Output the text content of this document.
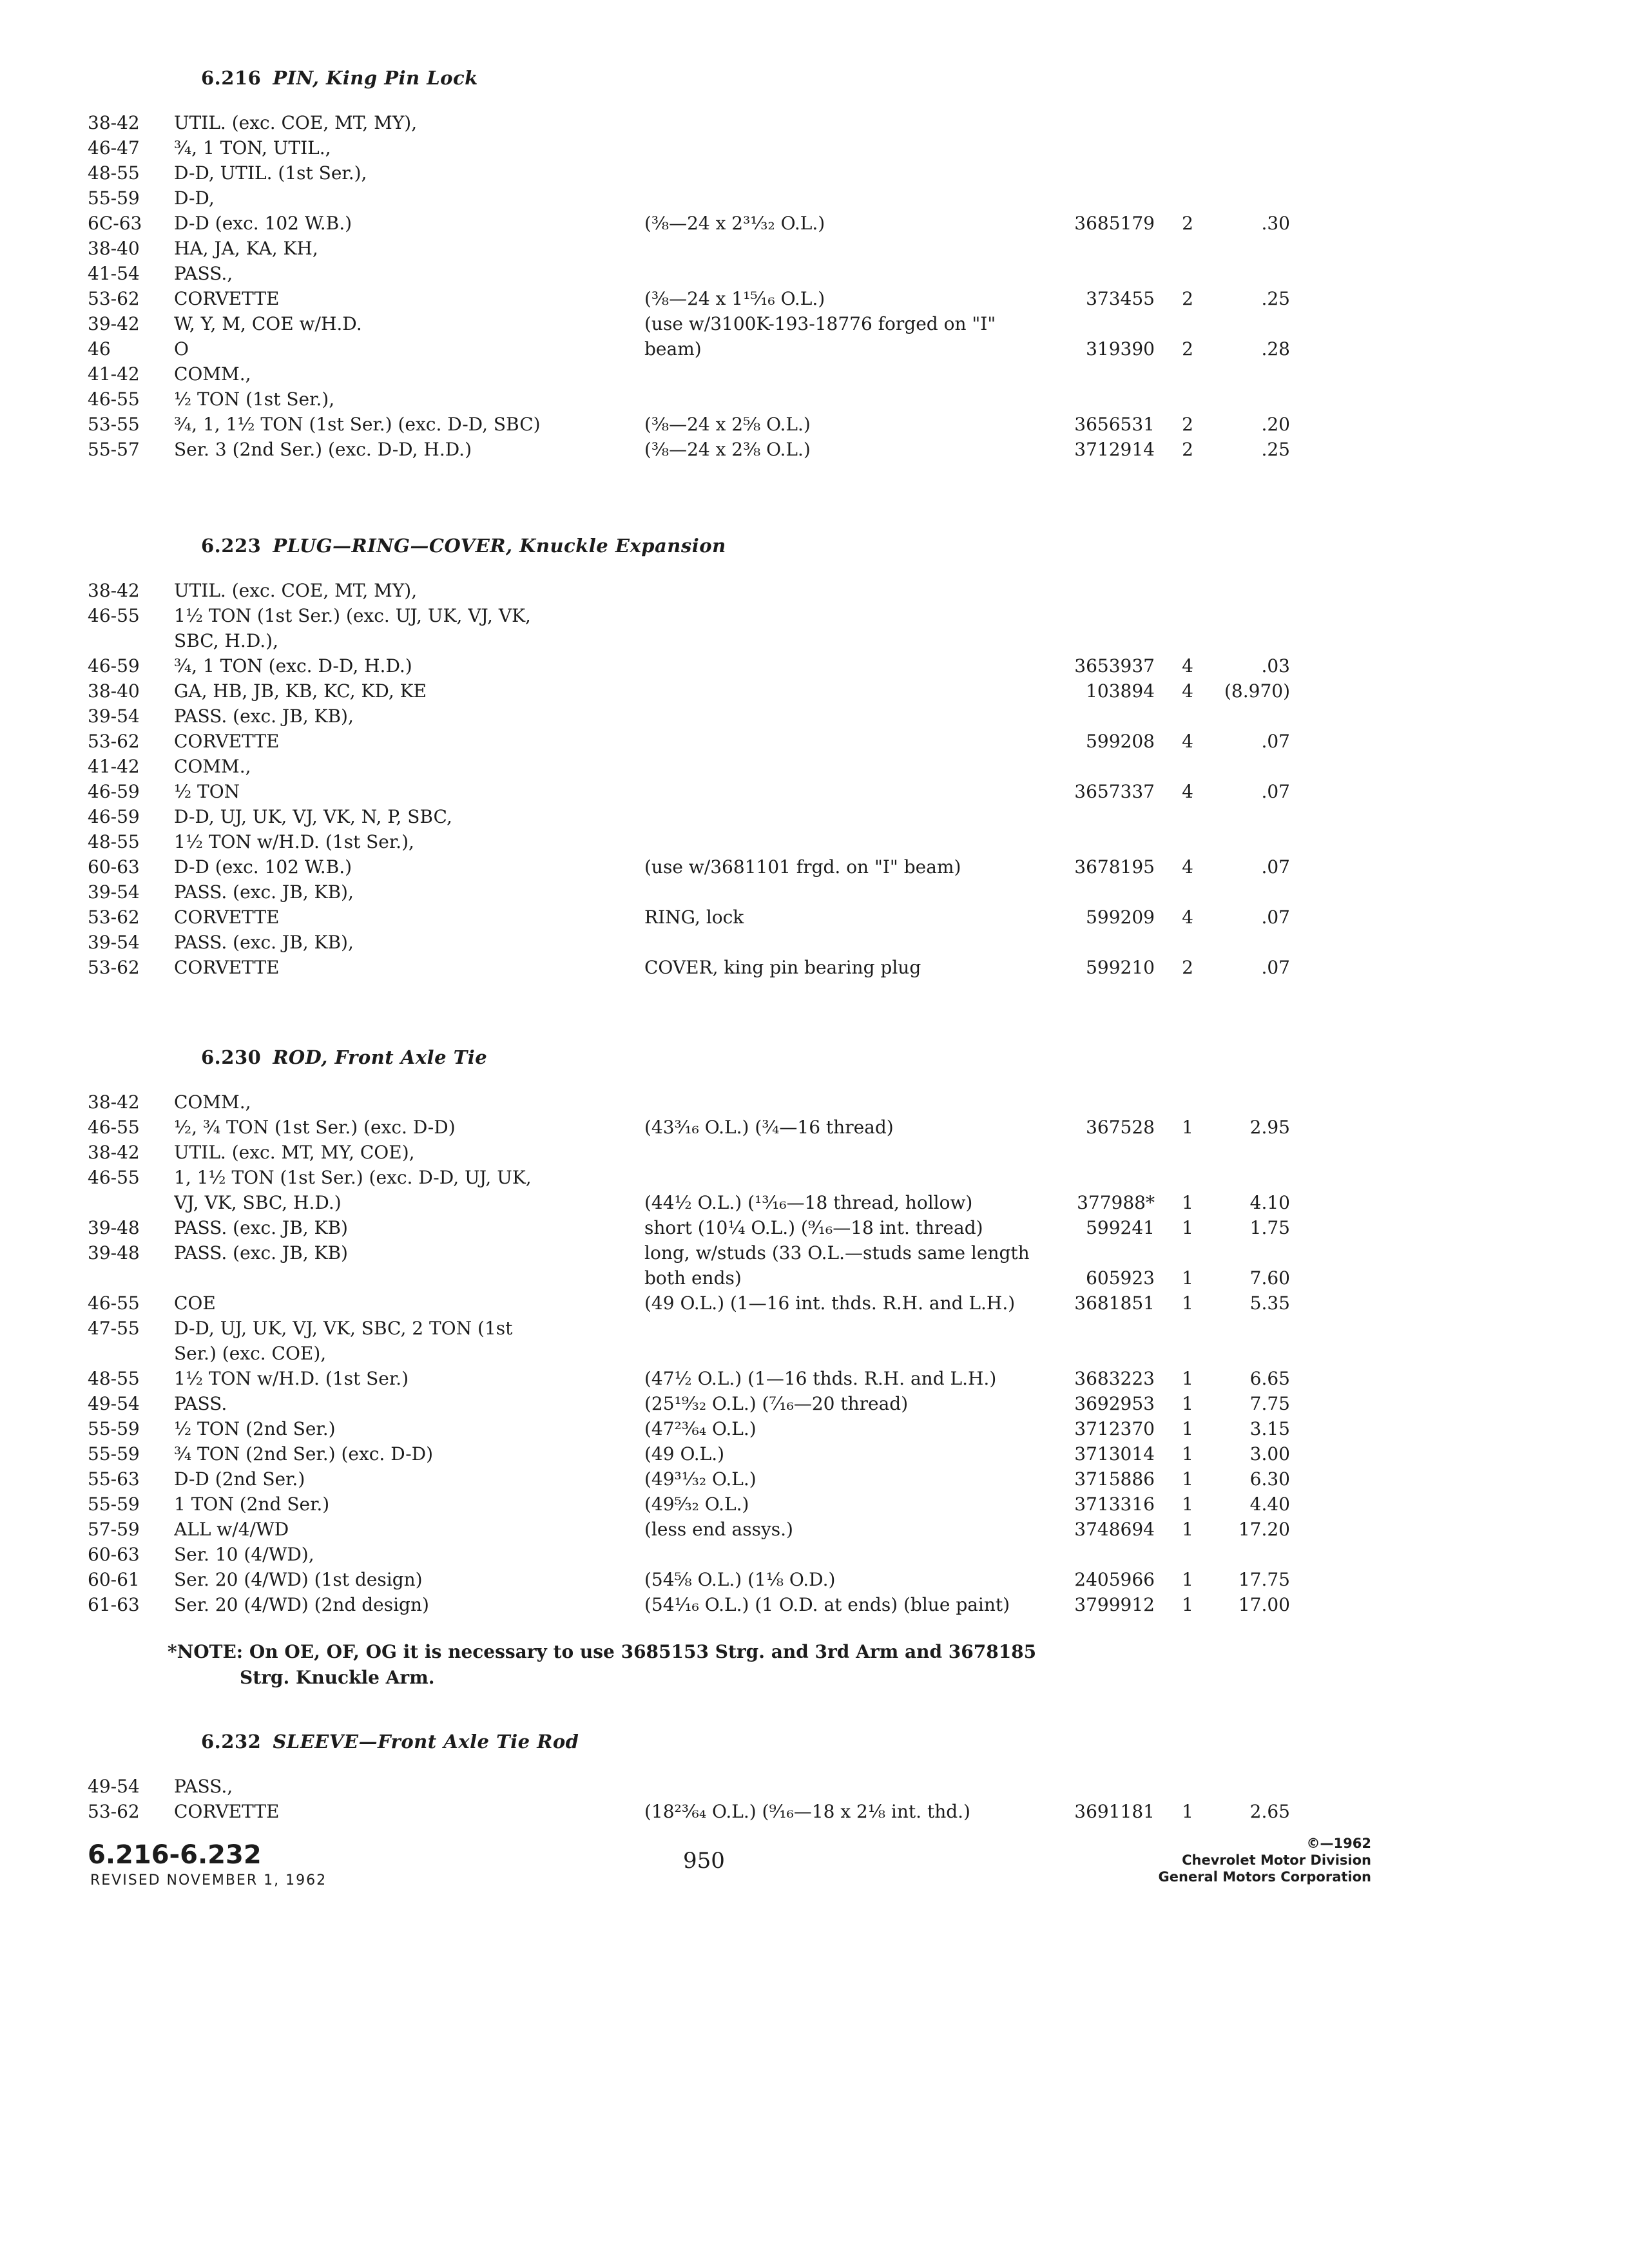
6.216 PIN, King Pin Lock
38-42	UTIL. (exc. COE, MT, MY),
46-47	¾, 1 TON, UTIL.,
48-55	D-D, UTIL. (1st Ser.),
55-59	D-D,
6C-63	D-D (exc. 102 W.B.)	(⅜—24 x 2³¹⁄₃₂ O.L.)	3685179	2	.30
38-40	HA, JA, KA, KH,
41-54	PASS.,
53-62	CORVETTE	(⅜—24 x 1¹⁵⁄₁₆ O.L.)	373455	2	.25
39-42	W, Y, M, COE w/H.D.	(use w/3100K-193-18776 forged on "I"
46	O	beam)	319390	2	.28
41-42	COMM.,
46-55	½ TON (1st Ser.),
53-55	¾, 1, 1½ TON (1st Ser.) (exc. D-D, SBC)	(⅜—24 x 2⅝ O.L.)	3656531	2	.20
55-57	Ser. 3 (2nd Ser.) (exc. D-D, H.D.)	(⅜—24 x 2⅜ O.L.)	3712914	2	.25
6.223 PLUG—RING—COVER, Knuckle Expansion
38-42	UTIL. (exc. COE, MT, MY),
46-55	1½ TON (1st Ser.) (exc. UJ, UK, VJ, VK,
SBC, H.D.),
46-59	¾, 1 TON (exc. D-D, H.D.)	3653937	4	.03
38-40	GA, HB, JB, KB, KC, KD, KE	103894	4	(8.970)
39-54	PASS. (exc. JB, KB),
53-62	CORVETTE	599208	4	.07
41-42	COMM.,
46-59	½ TON	3657337	4	.07
46-59	D-D, UJ, UK, VJ, VK, N, P, SBC,
48-55	1½ TON w/H.D. (1st Ser.),
60-63	D-D (exc. 102 W.B.)	(use w/3681101 frgd. on "I" beam)	3678195	4	.07
39-54	PASS. (exc. JB, KB),
53-62	CORVETTE	RING, lock	599209	4	.07
39-54	PASS. (exc. JB, KB),
53-62	CORVETTE	COVER, king pin bearing plug	599210	2	.07
6.230 ROD, Front Axle Tie
38-42	COMM.,
46-55	½, ¾ TON (1st Ser.) (exc. D-D)	(43³⁄₁₆ O.L.) (¾—16 thread)	367528	1	2.95
38-42	UTIL. (exc. MT, MY, COE),
46-55	1, 1½ TON (1st Ser.) (exc. D-D, UJ, UK,
VJ, VK, SBC, H.D.)	(44½ O.L.) (¹³⁄₁₆—18 thread, hollow)	377988*	1	4.10
39-48	PASS. (exc. JB, KB)	short (10¼ O.L.) (⁹⁄₁₆—18 int. thread)	599241	1	1.75
39-48	PASS. (exc. JB, KB)	long, w/studs (33 O.L.—studs same length
both ends)	605923	1	7.60
46-55	COE	(49 O.L.) (1—16 int. thds. R.H. and L.H.)	3681851	1	5.35
47-55	D-D, UJ, UK, VJ, VK, SBC, 2 TON (1st
Ser.) (exc. COE),
48-55	1½ TON w/H.D. (1st Ser.)	(47½ O.L.) (1—16 thds. R.H. and L.H.)	3683223	1	6.65
49-54	PASS.	(25¹⁹⁄₃₂ O.L.) (⁷⁄₁₆—20 thread)	3692953	1	7.75
55-59	½ TON (2nd Ser.)	(47²³⁄₆₄ O.L.)	3712370	1	3.15
55-59	¾ TON (2nd Ser.) (exc. D-D)	(49 O.L.)	3713014	1	3.00
55-63	D-D (2nd Ser.)	(49³¹⁄₃₂ O.L.)	3715886	1	6.30
55-59	1 TON (2nd Ser.)	(49⁵⁄₃₂ O.L.)	3713316	1	4.40
57-59	ALL w/4/WD	(less end assys.)	3748694	1	17.20
60-63	Ser. 10 (4/WD),
60-61	Ser. 20 (4/WD) (1st design)	(54⅝ O.L.) (1⅛ O.D.)	2405966	1	17.75
61-63	Ser. 20 (4/WD) (2nd design)	(54¹⁄₁₆ O.L.) (1 O.D. at ends) (blue paint)	3799912	1	17.00
*NOTE: On OE, OF, OG it is necessary to use 3685153 Strg. and 3rd Arm and 3678185
Strg. Knuckle Arm.
6.232 SLEEVE—Front Axle Tie Rod
49-54	PASS.,
53-62	CORVETTE	(18²³⁄₆₄ O.L.) (⁹⁄₁₆—18 x 2⅛ int. thd.)	3691181	1	2.65
6.216-6.232
REVISED NOVEMBER 1, 1962
950
©—1962
Chevrolet Motor Division
General Motors Corporation
